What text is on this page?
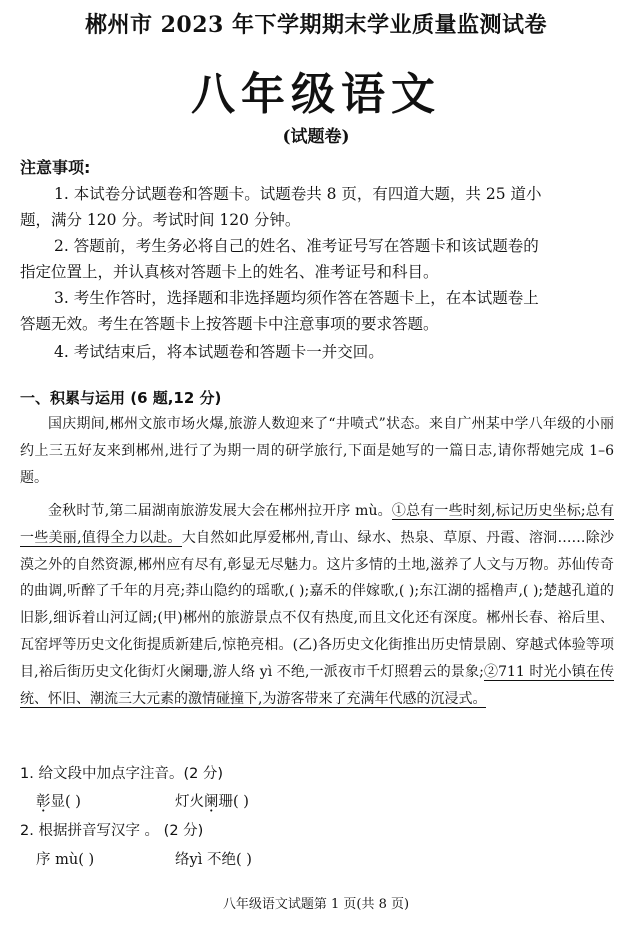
郴州市 2023 年下学期期末学业质量监测试卷
八年级语文
(试题卷)
注意事项:
1. 本试卷分试题卷和答题卡。试题卷共 8 页，有四道大题，共 25 道小
题，满分 120 分。考试时间 120 分钟。
2. 答题前，考生务必将自己的姓名、准考证号写在答题卡和该试题卷的
指定位置上，并认真核对答题卡上的姓名、准考证号和科目。
3. 考生作答时，选择题和非选择题均须作答在答题卡上，在本试题卷上
答题无效。考生在答题卡上按答题卡中注意事项的要求答题。
4. 考试结束后，将本试题卷和答题卡一并交回。
一、积累与运用 (6 题,12 分)
国庆期间,郴州文旅市场火爆,旅游人数迎来了“井喷式”状态。来自广州某中学八年级的小丽约上三五好友来到郴州,进行了为期一周的研学旅行,下面是她写的一篇日志,请你帮她完成 1–6 题。
金秋时节,第二届湖南旅游发展大会在郴州拉开序 mù。①总有一些时刻,标记历史坐标;总有一些美丽,值得全力以赴。大自然如此厚爱郴州,青山、绿水、热泉、草原、丹霞、溶洞……除沙漠之外的自然资源,郴州应有尽有,彰显无尽魅力。这片多情的土地,滋养了人文与万物。苏仙传奇的曲调,听醉了千年的月亮;莽山隐约的瑶歌,( );嘉禾的伴嫁歌,( );东江湖的摇橹声,( );楚越孔道的旧影,细诉着山河辽阔;(甲)郴州的旅游景点不仅有热度,而且文化还有深度。郴州长春、裕后里、瓦窑坪等历史文化街提质新建后,惊艳亮相。(乙)各历史文化街推出历史情景剧、穿越式体验等项目,裕后街历史文化街灯火阑珊,游人络 yì 不绝,一派夜市千灯照碧云的景象;②711 时光小镇在传统、怀旧、潮流三大元素的激情碰撞下,为游客带来了充满年代感的沉浸式。
1. 给文段中加点字注音。(2 分)
彰显( )	灯火阑珊( )
2. 根据拼音写汉字 。 (2 分)
序 mù( )	络yì 不绝( )
八年级语文试题第 1 页(共 8 页)
